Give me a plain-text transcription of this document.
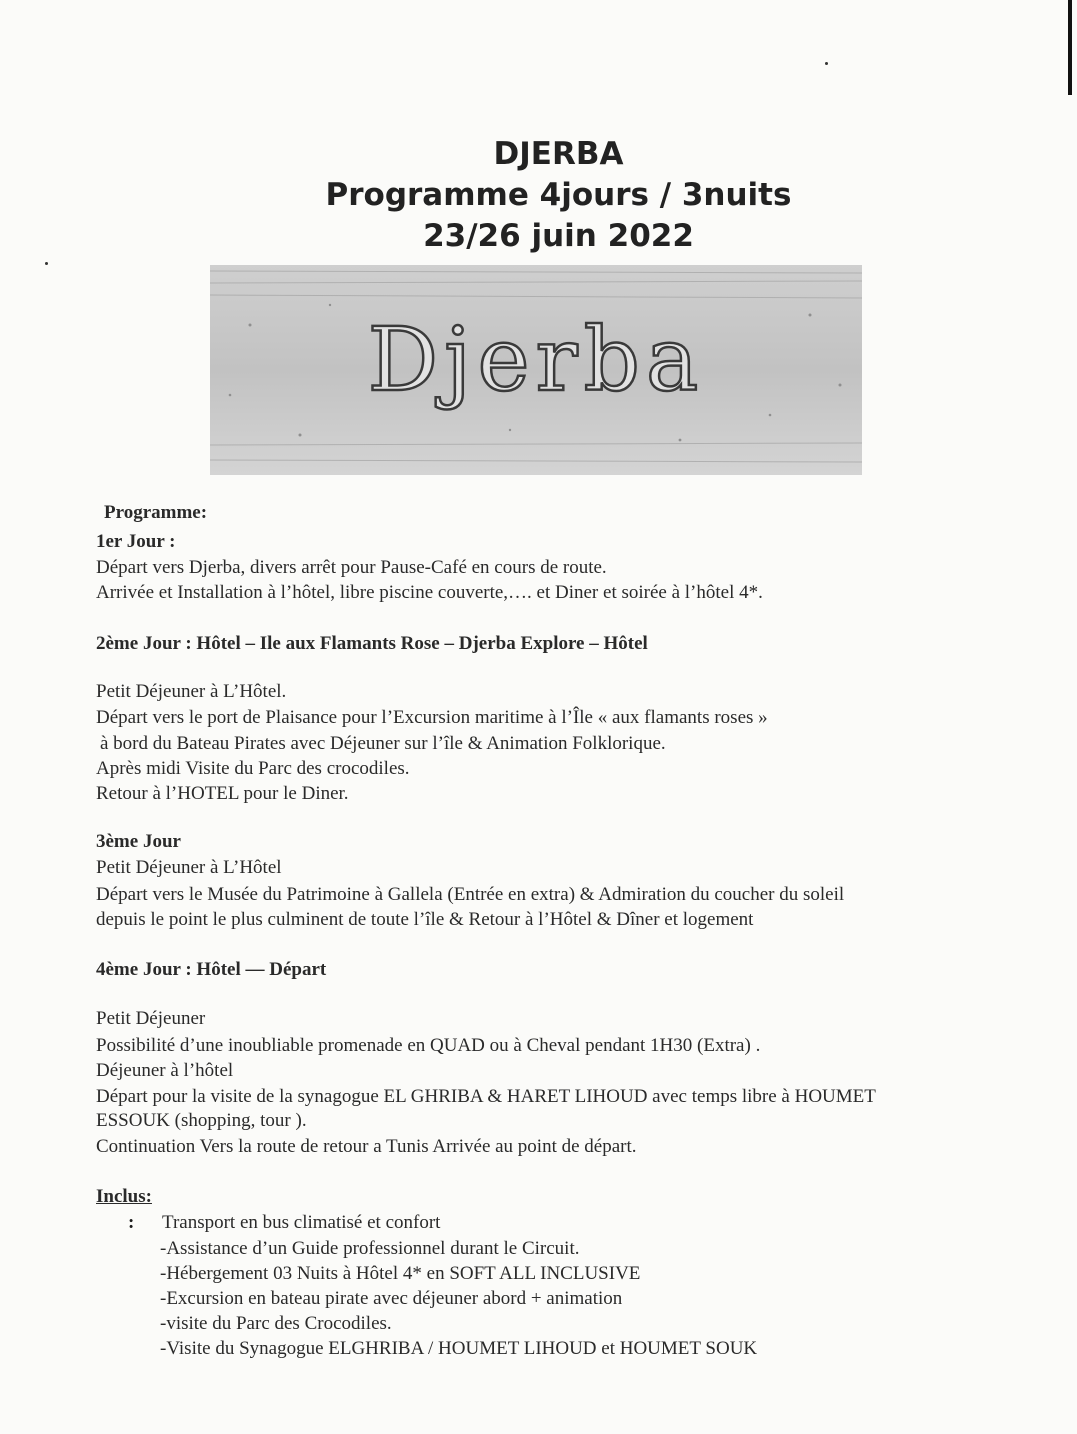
DJERBA
Programme 4jours / 3nuits
23/26 juin 2022
Djerba
Programme:
1er Jour :
Départ vers Djerba, divers arrêt pour Pause-Café en cours de route.
Arrivée et Installation à l’hôtel, libre piscine couverte,…. et Diner et soirée à l’hôtel 4*.
2ème Jour : Hôtel – Ile aux Flamants Rose – Djerba Explore – Hôtel
Petit Déjeuner à L’Hôtel.
Départ vers le port de Plaisance pour l’Excursion maritime à l’Île « aux flamants roses »
à bord du Bateau Pirates avec Déjeuner sur l’île & Animation Folklorique.
Après midi Visite du Parc des crocodiles.
Retour à l’HOTEL pour le Diner.
3ème Jour
Petit Déjeuner à L’Hôtel
Départ vers le Musée du Patrimoine à Gallela (Entrée en extra) & Admiration du coucher du soleil
depuis le point le plus culminent de toute l’île & Retour à l’Hôtel & Dîner et logement
4ème Jour : Hôtel — Départ
Petit Déjeuner
Possibilité d’une inoubliable promenade en QUAD ou à Cheval pendant 1H30 (Extra) .
Déjeuner à l’hôtel
Départ pour la visite de la synagogue EL GHRIBA & HARET LIHOUD avec temps libre à HOUMET
ESSOUK (shopping, tour ).
Continuation Vers la route de retour a Tunis Arrivée au point de départ.
Inclus:
: Transport en bus climatisé et confort
-Assistance d’un Guide professionnel durant le Circuit.
-Hébergement 03 Nuits à Hôtel 4* en SOFT ALL INCLUSIVE
-Excursion en bateau pirate avec déjeuner abord + animation
-visite du Parc des Crocodiles.
-Visite du Synagogue ELGHRIBA / HOUMET LIHOUD et HOUMET SOUK
